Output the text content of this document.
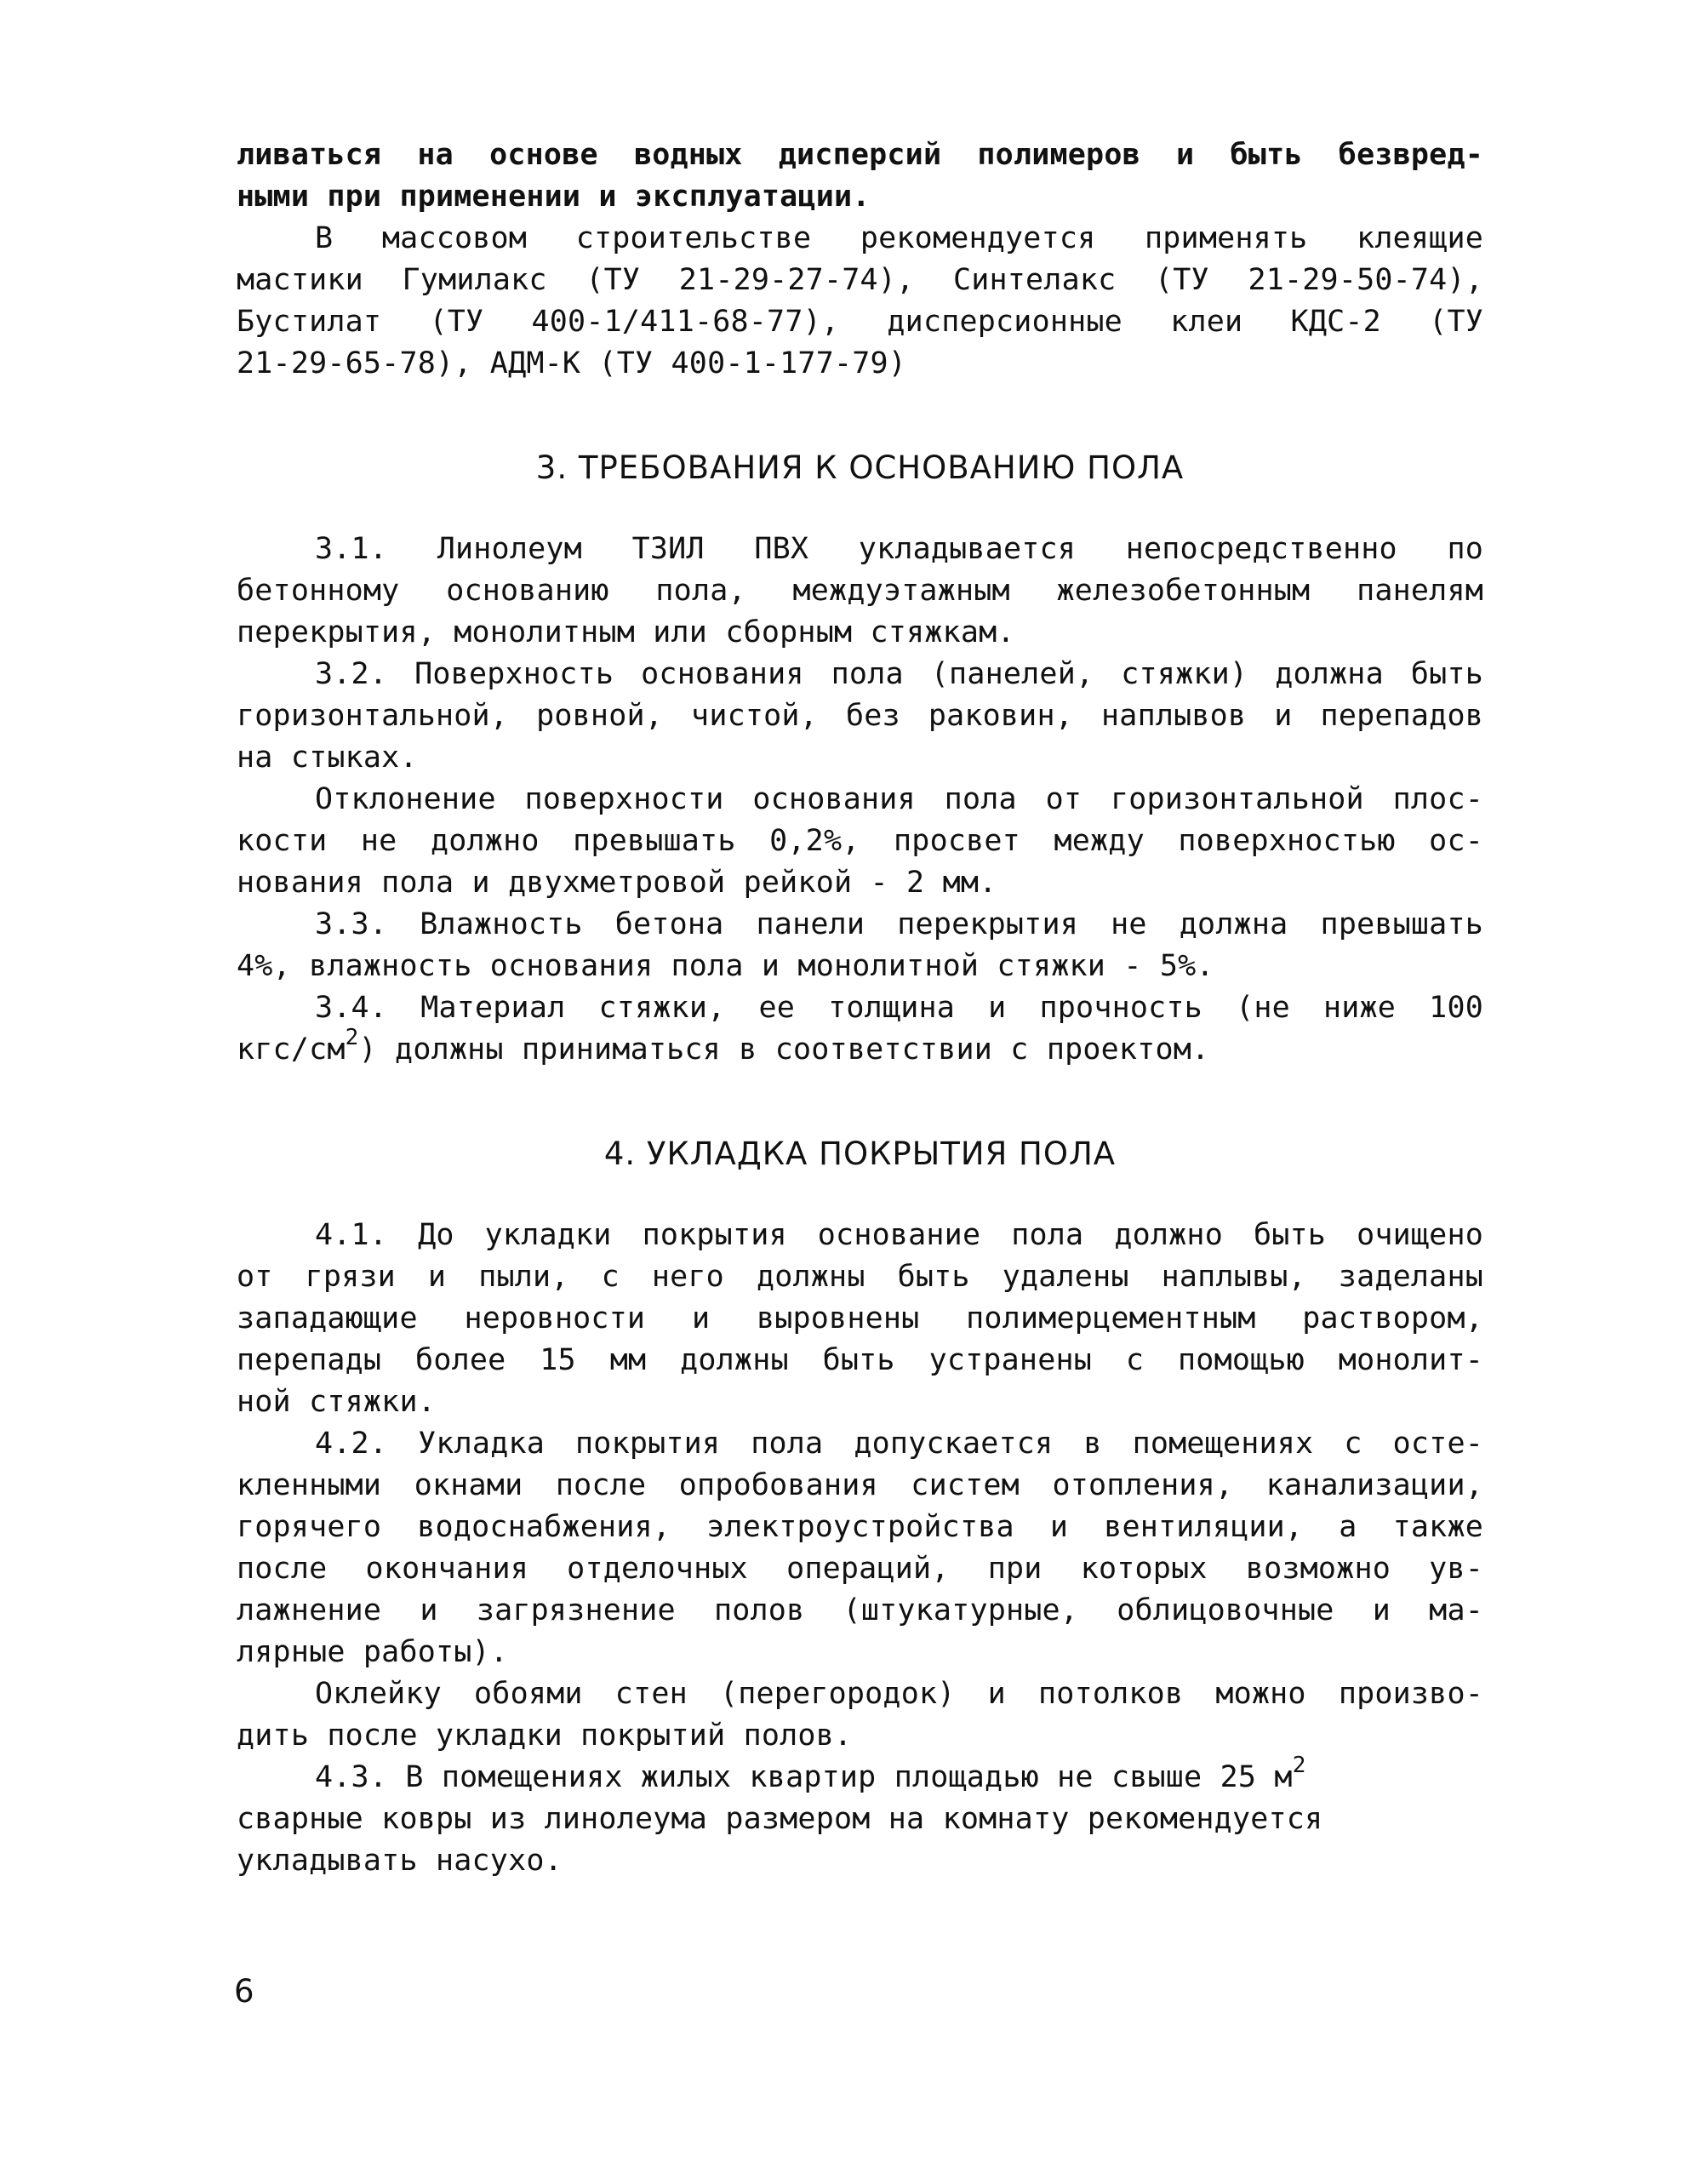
ливаться на основе водных дисперсий полимеров и быть безвред-
ными при применении и эксплуатации.
В массовом строительстве рекомендуется применять клеящие
мастики Гумилакс (ТУ 21-29-27-74), Синтелакс (ТУ 21-29-50-74),
Бустилат (ТУ 400-1/411-68-77), дисперсионные клеи КДС-2 (ТУ
21-29-65-78), АДМ-К (ТУ 400-1-177-79)
3. ТРЕБОВАНИЯ К ОСНОВАНИЮ ПОЛА
3.1. Линолеум ТЗИЛ ПВХ укладывается непосредственно по
бетонному основанию пола, междуэтажным железобетонным панелям
перекрытия, монолитным или сборным стяжкам.
3.2. Поверхность основания пола (панелей, стяжки) должна быть
горизонтальной, ровной, чистой, без раковин, наплывов и перепадов
на стыках.
Отклонение поверхности основания пола от горизонтальной плос-
кости не должно превышать 0,2%, просвет между поверхностью ос-
нования пола и двухметровой рейкой - 2 мм.
3.3. Влажность бетона панели перекрытия не должна превышать
4%, влажность основания пола и монолитной стяжки - 5%.
3.4. Материал стяжки, ее толщина и прочность (не ниже 100
кгс/$см^2$) должны приниматься в соответствии с проектом.
4. УКЛАДКА ПОКРЫТИЯ ПОЛА
4.1. До укладки покрытия основание пола должно быть очищено
от грязи и пыли, с него должны быть удалены наплывы, заделаны
западающие неровности и выровнены полимерцементным раствором,
перепады более 15 мм должны быть устранены с помощью монолит-
ной стяжки.
4.2. Укладка покрытия пола допускается в помещениях с осте-
кленными окнами после опробования систем отопления, канализации,
горячего водоснабжения, электроустройства и вентиляции, а также
после окончания отделочных операций, при которых возможно ув-
лажнение и загрязнение полов (штукатурные, облицовочные и ма-
лярные работы).
Оклейку обоями стен (перегородок) и потолков можно произво-
дить после укладки покрытий полов.
4.3. В помещениях жилых квартир площадью не свыше 25 $м^2$
сварные ковры из линолеума размером на комнату рекомендуется
укладывать насухо.
6
